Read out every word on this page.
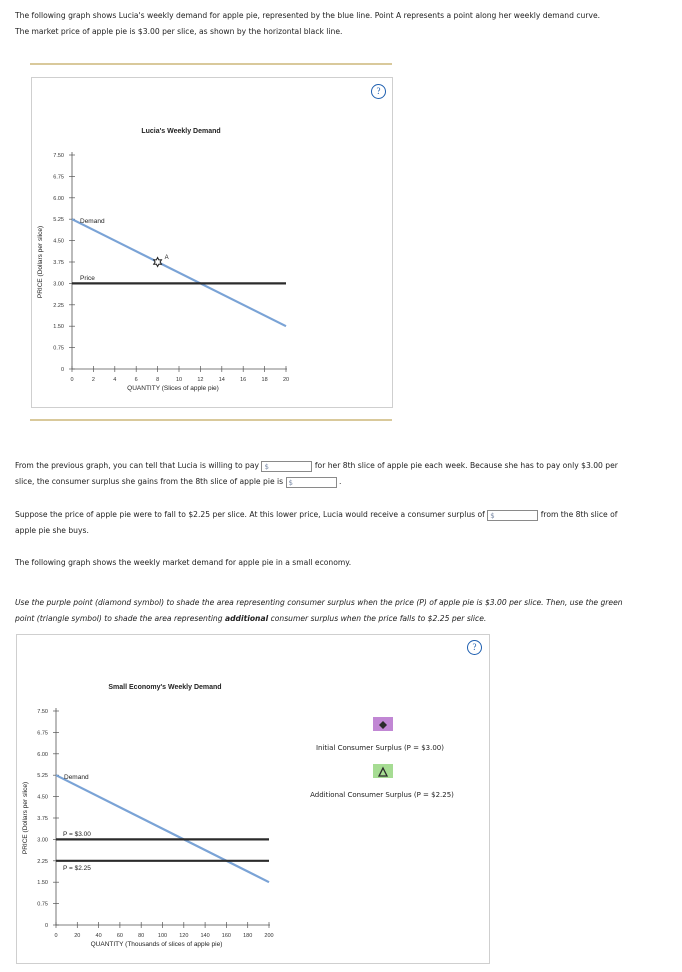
The following graph shows Lucia's weekly demand for apple pie, represented by the blue line. Point A represents a point along her weekly demand curve. The market price of apple pie is $3.00 per slice, as shown by the horizontal black line.
?
Lucia's Weekly Demand
0
0.75
1.50
2.25
3.00
3.75
4.50
5.25
6.00
6.75
7.50
0	2	4	6	8	10	12	14	16	18	20
QUANTITY (Slices of apple pie)
PRICE (Dollars per slice)
Demand
Price
A
From the previous graph, you can tell that Lucia is willing to pay $	for her 8th slice of apple pie each week. Because she has to pay only $3.00 per slice, the consumer surplus she gains from the 8th slice of apple pie is $	.
Suppose the price of apple pie were to fall to $2.25 per slice. At this lower price, Lucia would receive a consumer surplus of $	from the 8th slice of apple pie she buys.
The following graph shows the weekly market demand for apple pie in a small economy.
Use the purple point (diamond symbol) to shade the area representing consumer surplus when the price (P) of apple pie is $3.00 per slice. Then, use the green point (triangle symbol) to shade the area representing additional consumer surplus when the price falls to $2.25 per slice.
?
Small Economy's Weekly Demand
0
0.75
1.50
2.25
3.00
3.75
4.50
5.25
6.00
6.75
7.50
0	20	40	60	80 100 120 140 160 180 200
QUANTITY (Thousands of slices of apple pie)
PRICE (Dollars per slice)
Demand
P = $3.00
P = $2.25
Initial Consumer Surplus (P = $3.00)
Additional Consumer Surplus (P = $2.25)
